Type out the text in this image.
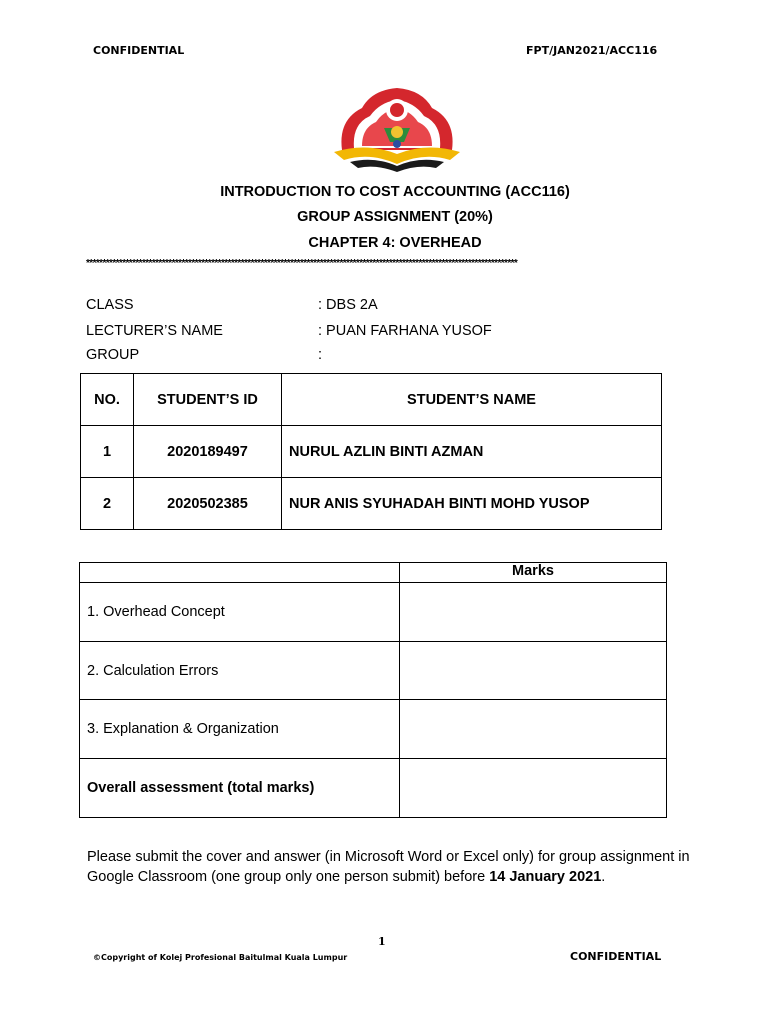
CONFIDENTIAL	FPT/JAN2021/ACC116
INTRODUCTION TO COST ACCOUNTING (ACC116)
GROUP ASSIGNMENT (20%)
CHAPTER 4: OVERHEAD
***********************************************************************************************************************************
CLASS	: DBS 2A
LECTURER’S NAME	: PUAN FARHANA YUSOF
GROUP	:
NO.	STUDENT’S ID	STUDENT’S NAME
1	2020189497	NURUL AZLIN BINTI AZMAN
2	2020502385	NUR ANIS SYUHADAH BINTI MOHD YUSOP
	Marks
1. Overhead Concept	
2. Calculation Errors	
3. Explanation & Organization	
Overall assessment (total marks)	
Please submit the cover and answer (in Microsoft Word or Excel only) for group assignment in Google Classroom (one group only one person submit) before 14 January 2021.
1
©Copyright of Kolej Profesional Baitulmal Kuala Lumpur	CONFIDENTIAL
